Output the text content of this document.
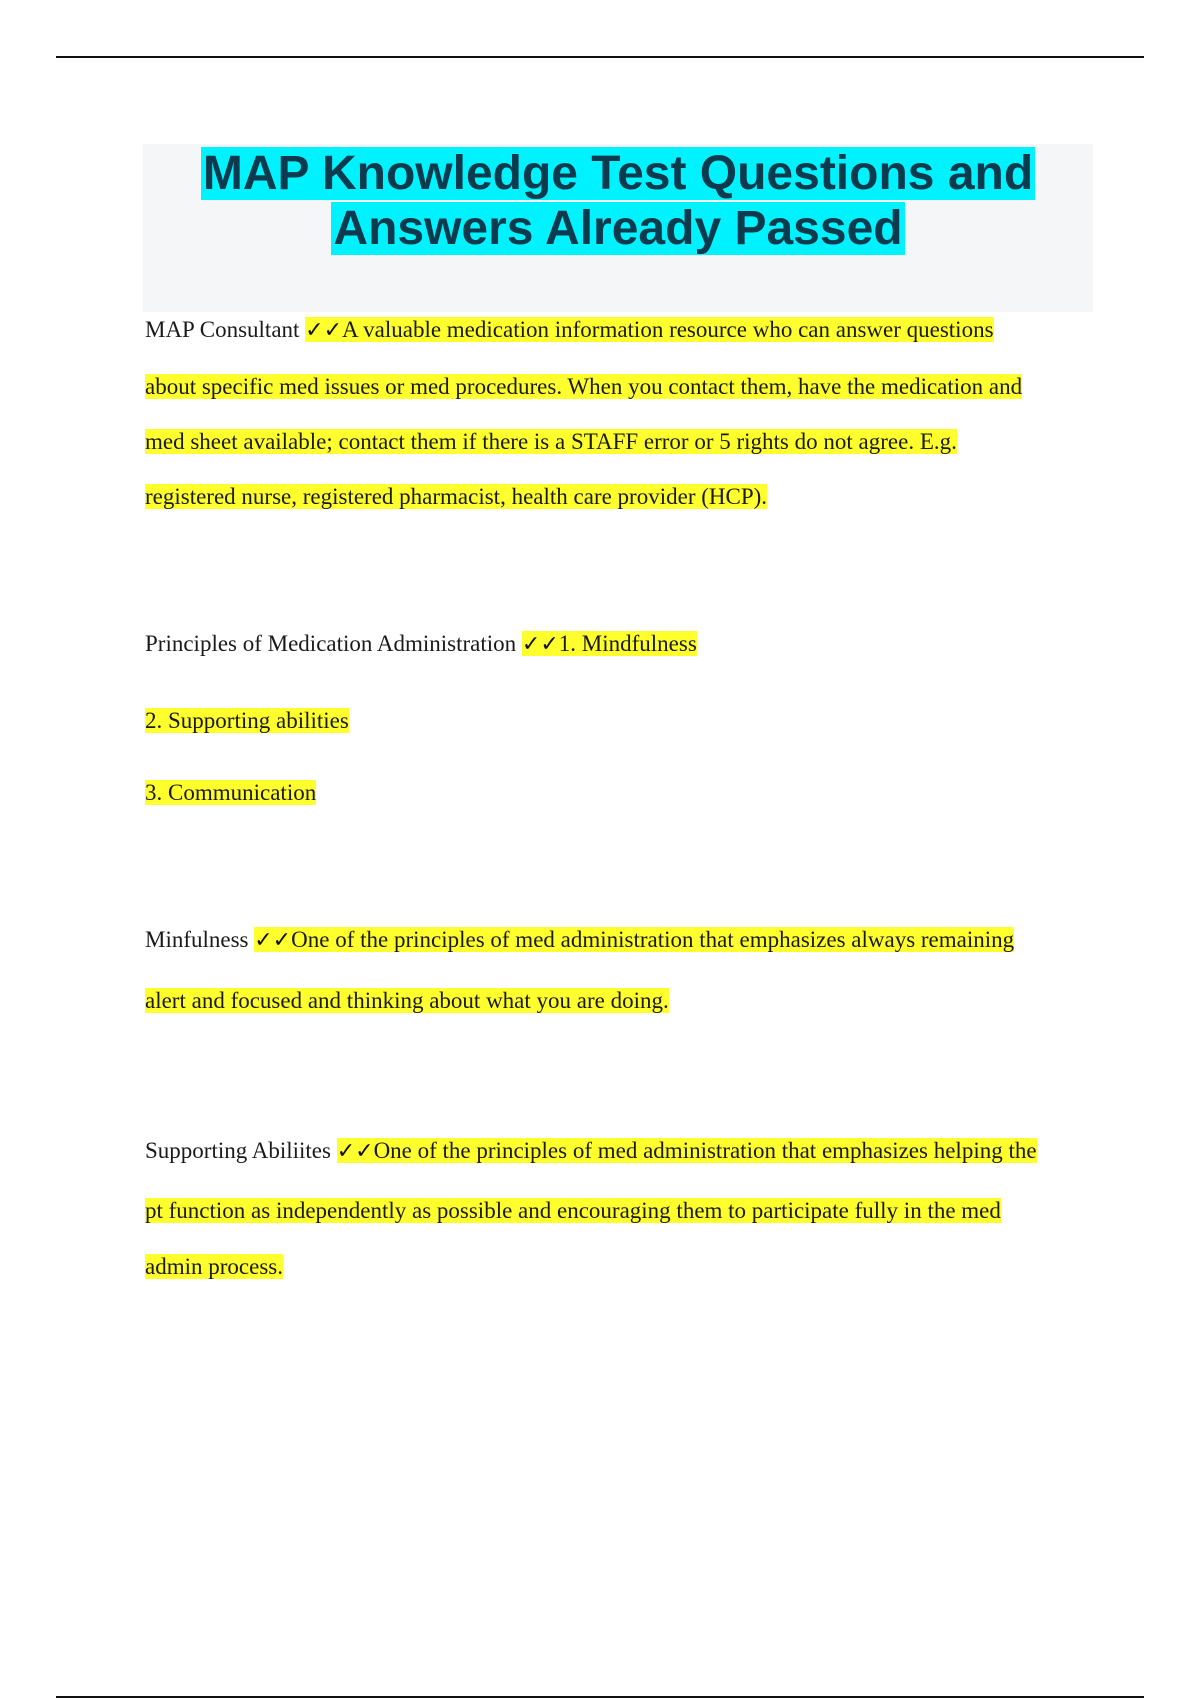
MAP Knowledge Test Questions and
Answers Already Passed
MAP Consultant ✓✓A valuable medication information resource who can answer questions
about specific med issues or med procedures. When you contact them, have the medication and
med sheet available; contact them if there is a STAFF error or 5 rights do not agree. E.g.
registered nurse, registered pharmacist, health care provider (HCP).
Principles of Medication Administration ✓✓1. Mindfulness
2. Supporting abilities
3. Communication
Minfulness ✓✓One of the principles of med administration that emphasizes always remaining
alert and focused and thinking about what you are doing.
Supporting Abiliites ✓✓One of the principles of med administration that emphasizes helping the
pt function as independently as possible and encouraging them to participate fully in the med
admin process.
